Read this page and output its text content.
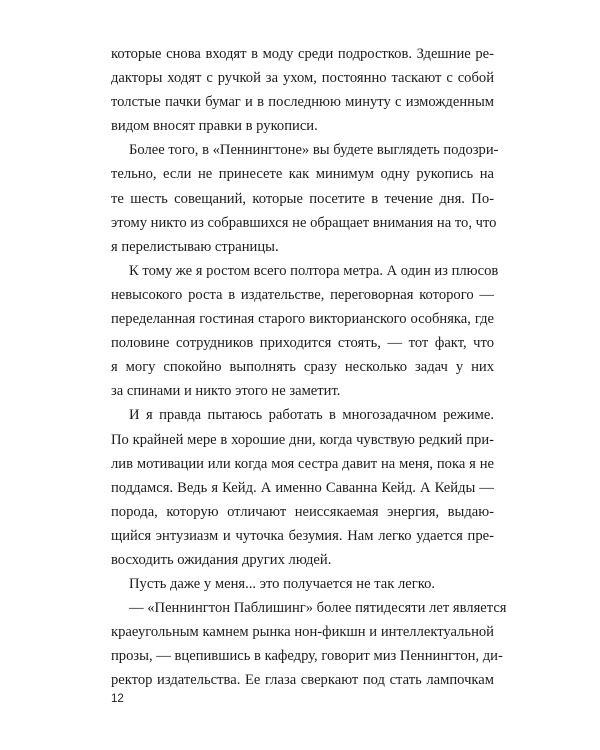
которые снова входят в моду среди подростков. Здешние ре-
дакторы ходят с ручкой за ухом, постоянно таскают с собой
толстые пачки бумаг и в последнюю минуту с изможденным
видом вносят правки в рукописи.
Более того, в «Пеннингтоне» вы будете выглядеть подозри-
тельно, если не принесете как минимум одну рукопись на
те шесть совещаний, которые посетите в течение дня. По-
этому никто из собравшихся не обращает внимания на то, что
я перелистываю страницы.
К тому же я ростом всего полтора метра. А один из плюсов
невысокого роста в издательстве, переговорная которого —
переделанная гостиная старого викторианского особняка, где
половине сотрудников приходится стоять, — тот факт, что
я могу спокойно выполнять сразу несколько задач у них
за спинами и никто этого не заметит.
И я правда пытаюсь работать в многозадачном режиме.
По крайней мере в хорошие дни, когда чувствую редкий при-
лив мотивации или когда моя сестра давит на меня, пока я не
поддамся. Ведь я Кейд. А именно Саванна Кейд. А Кейды —
порода, которую отличают неиссякаемая энергия, выдаю-
щийся энтузиазм и чуточка безумия. Нам легко удается пре-
восходить ожидания других людей.
Пусть даже у меня... это получается не так легко.
— «Пеннингтон Паблишинг» более пятидесяти лет является
краеугольным камнем рынка нон-фикшн и интеллектуальной
прозы, — вцепившись в кафедру, говорит миз Пеннингтон, ди-
ректор издательства. Ее глаза сверкают под стать лампочкам
12
